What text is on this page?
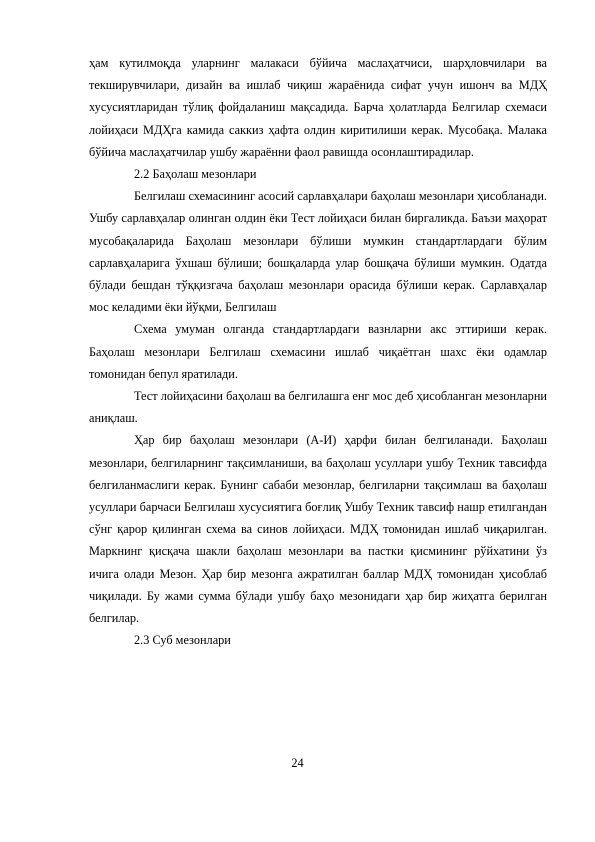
ҳам кутилмоқда уларнинг малакаси бўйича маслаҳатчиси, шарҳловчилари ва текширувчилари, дизайн ва ишлаб чиқиш жараёнида сифат учун ишонч ва МДҲ хусусиятларидан тўлиқ фойдаланиш мақсадида. Барча ҳолатларда Белгилар схемаси лойиҳаси МДҲга камида саккиз ҳафта олдин киритилиши керак. Мусобақа. Малака бўйича маслаҳатчилар ушбу жараённи фаол равишда осонлаштирадилар.

2.2 Баҳолаш мезонлари

Белгилаш схемасининг асосий сарлавҳалари баҳолаш мезонлари ҳисобланади. Ушбу сарлавҳалар олинган олдин ёки Тест лойиҳаси билан биргаликда. Баъзи маҳорат мусобақаларида Баҳолаш мезонлари бўлиши мумкин стандартлардаги бўлим сарлавҳаларига ўхшаш бўлиши; бошқаларда улар бошқача бўлиши мумкин. Одатда бўлади бешдан тўққизгача баҳолаш мезонлари орасида бўлиши керак. Сарлавҳалар мос келадими ёки йўқми, Белгилаш

Схема умуман олганда стандартлардаги вазнларни акс эттириши керак. Баҳолаш мезонлари Белгилаш схемасини ишлаб чиқаётган шахс ёки одамлар томонидан бепул яратилади.

Тест лойиҳасини баҳолаш ва белгилашга енг мос деб ҳисобланган мезонларни аниқлаш.

Ҳар бир баҳолаш мезонлари (А-И) ҳарфи билан белгиланади. Баҳолаш мезонлари, белгиларнинг тақсимланиши, ва баҳолаш усуллари ушбу Техник тавсифда белгиланмаслиги керак. Бунинг сабаби мезонлар, белгиларни тақсимлаш ва баҳолаш усуллари барчаси Белгилаш хусусиятига боғлиқ Ушбу Техник тавсиф нашр етилгандан сўнг қарор қилинган схема ва синов лойиҳаси. МДҲ томонидан ишлаб чиқарилган. Маркнинг қисқача шакли баҳолаш мезонлари ва пастки қисмининг рўйхатини ўз ичига олади Мезон. Ҳар бир мезонга ажратилган баллар МДҲ томонидан ҳисоблаб чиқилади. Бу жами сумма бўлади ушбу баҳо мезонидаги ҳар бир жиҳатга берилган белгилар.

2.3 Суб мезонлари

24
